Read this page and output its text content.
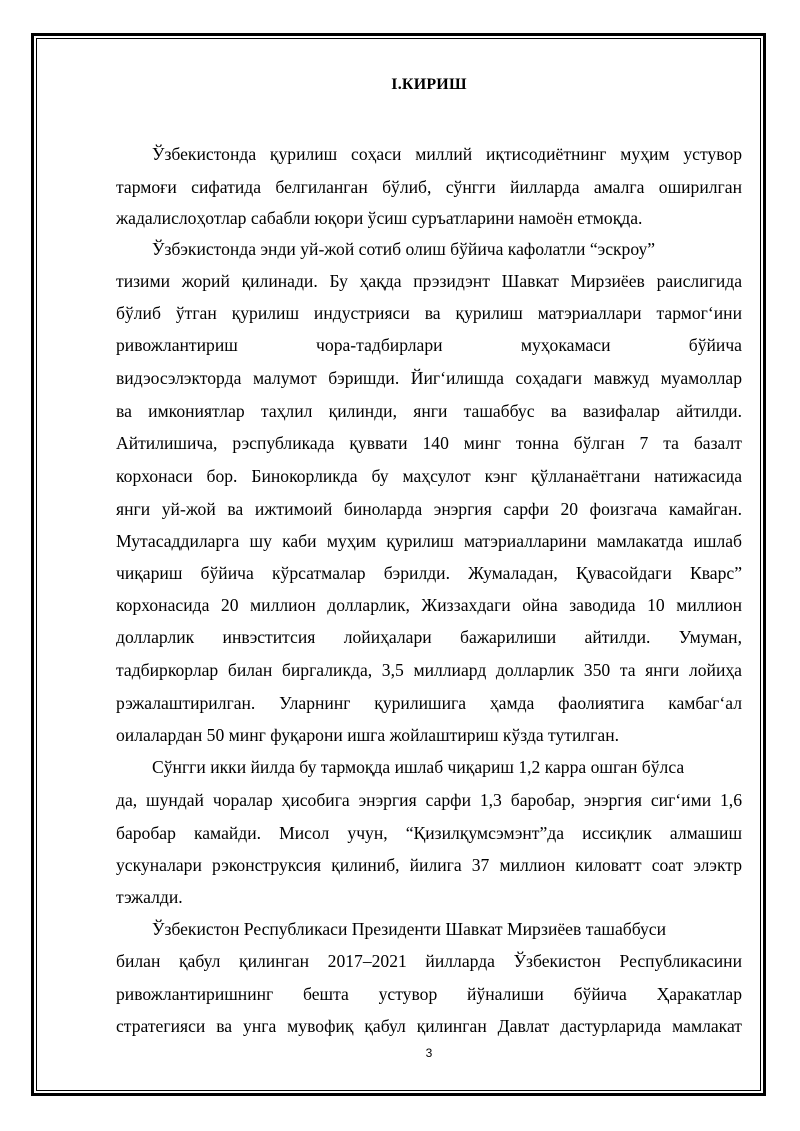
I.КИРИШ
Ўзбекистонда қурилиш соҳаси миллий иқтисодиётнинг муҳим устувор
тармоғи сифатида белгиланган бўлиб, сўнгги йилларда амалга оширилган
жадалислоҳотлар сабабли юқори ўсиш суръатларини намоён етмоқда.
Ўзбэкистонда энди уй-жой сотиб олиш бўйича кафолатли “эскроу”
тизими жорий қилинади. Бу ҳақда прэзидэнт Шавкат Мирзиёев раислигида
бўлиб ўтган қурилиш индустрияси ва қурилиш матэриаллари тармогʻини
ривожлантириш чора-тадбирлари муҳокамаси бўйича
видэосэлэкторда малумот бэришди. Йигʻилишда соҳадаги мавжуд муамоллар
ва имкониятлар таҳлил қилинди, янги ташаббус ва вазифалар айтилди.
Айтилишича, рэспубликада қуввати 140 минг тонна бўлган 7 та базалт
корхонаси бор. Бинокорликда бу маҳсулот кэнг қўлланаётгани натижасида
янги уй-жой ва ижтимоий биноларда энэргия сарфи 20 фоизгача камайган.
Мутасаддиларга шу каби муҳим қурилиш матэриалларини мамлакатда ишлаб
чиқариш бўйича кўрсатмалар бэрилди. Жумаладан, Қувасойдаги Кварс”
корхонасида 20 миллион долларлик, Жиззахдаги ойна заводида 10 миллион
долларлик инвэститсия лойиҳалари бажарилиши айтилди. Умуман,
тадбиркорлар билан биргаликда, 3,5 миллиард долларлик 350 та янги лойиҳа
рэжалаштирилган. Уларнинг қурилишига ҳамда фаолиятига камбагʻал
оилалардан 50 минг фуқарони ишга жойлаштириш кўзда тутилган.
Сўнгги икки йилда бу тармоқда ишлаб чиқариш 1,2 карра ошган бўлса
да, шундай чоралар ҳисобига энэргия сарфи 1,3 баробар, энэргия сигʻими 1,6
баробар камайди. Мисол учун, “Қизилқумсэмэнт”да иссиқлик алмашиш
ускуналари рэконструксия қилиниб, йилига 37 миллион киловатт соат элэктр
тэжалди.
Ўзбекистон Республикаси Президенти Шавкат Мирзиёев ташаббуси
билан қабул қилинган 2017–2021 йилларда Ўзбекистон Республикасини
ривожлантиришнинг бешта устувор йўналиши бўйича Ҳаракатлар
стратегияси ва унга мувофиқ қабул қилинган Давлат дастурларида мамлакат
3
